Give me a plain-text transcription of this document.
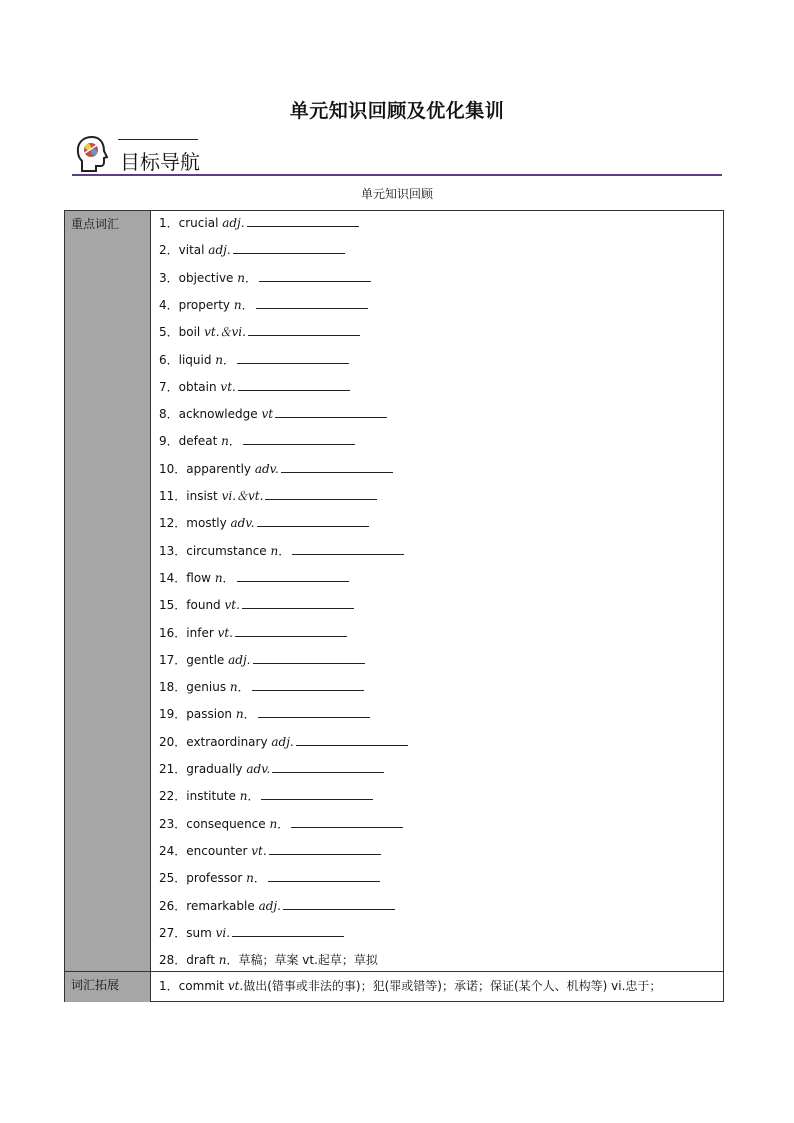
单元知识回顾及优化集训
目标导航
单元知识回顾
重点词汇
词汇拓展
1．crucial adj.
2．vital adj.
3．objective n．
4．property n．
5．boil vt.＆vi.
6．liquid n．
7．obtain vt.
8．acknowledge vt
9．defeat n．
10．apparently adv.
11．insist vi.＆vt.
12．mostly adv.
13．circumstance n．
14．flow n．
15．found vt.
16．infer vt.
17．gentle adj.
18．genius n．
19．passion n．
20．extraordinary adj.
21．gradually adv.
22．institute n．
23．consequence n．
24．encounter vt.
25．professor n．
26．remarkable adj.
27．sum vi.
28．draft n．草稿；草案 vt.起草；草拟
1．commit vt.做出(错事或非法的事)；犯(罪或错等)；承诺；保证(某个人、机构等) vi.忠于；
